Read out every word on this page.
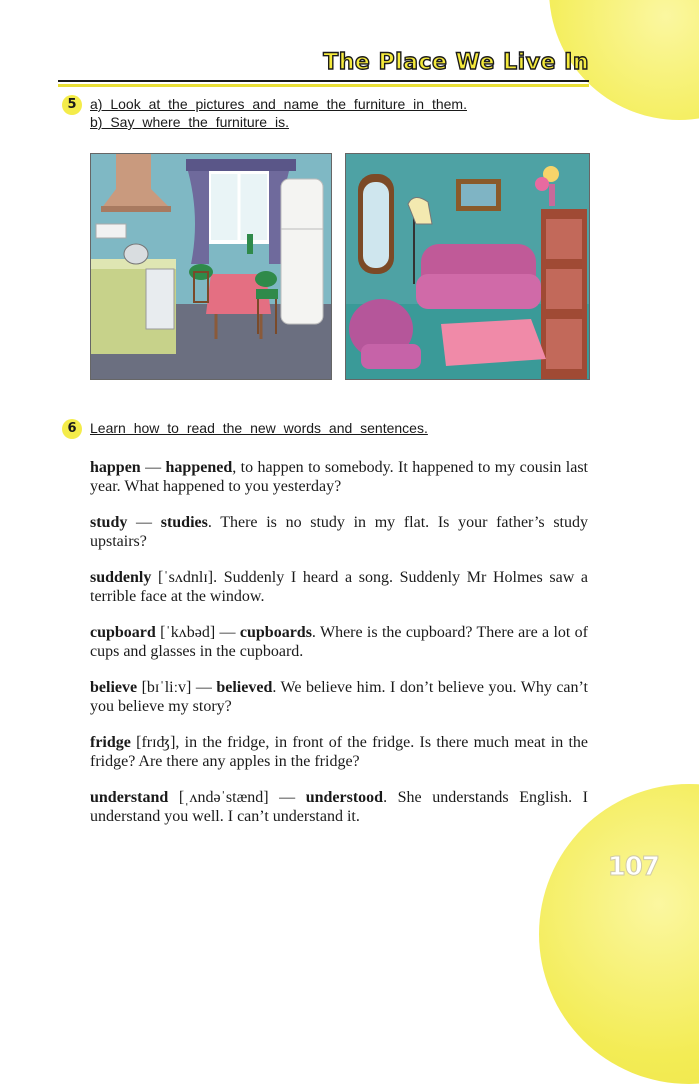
The Place We Live In
5 a) Look at the pictures and name the furniture in them.
b) Say where the furniture is.
6 Learn how to read the new words and sentences.

happen — happened, to happen to somebody. It happened to my cousin last year. What happened to you yesterday?

study — studies. There is no study in my flat. Is your father’s study upstairs?

suddenly [ˈsʌdnlɪ]. Suddenly I heard a song. Suddenly Mr Holmes saw a terrible face at the window.

cupboard [ˈkʌbəd] — cupboards. Where is the cupboard? There are a lot of cups and glasses in the cupboard.

believe [bɪˈliːv] — believed. We believe him. I don’t believe you. Why can’t you believe my story?

fridge [frɪʤ], in the fridge, in front of the fridge. Is there much meat in the fridge? Are there any apples in the fridge?

understand [ˌʌndəˈstænd] — understood. She understands English. I understand you well. I can’t understand it.

107
